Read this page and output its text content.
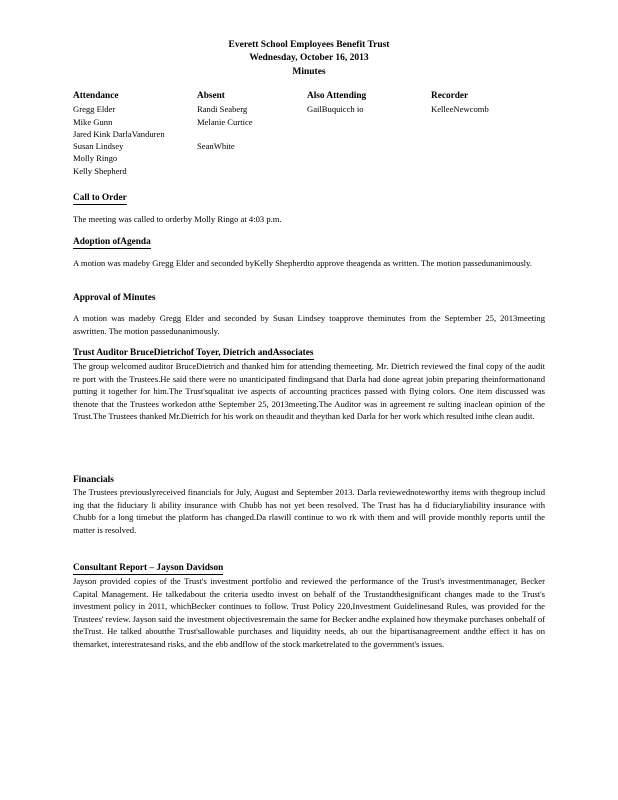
Everett School Employees Benefit Trust
Wednesday, October 16, 2013
Minutes
Attendance
Gregg Elder
Mike Gunn
Jared Kink DarlaVanduren
Susan Lindsey
Molly Ringo
Kelly Shepherd
Absent
Randi Seaberg
Melanie Curtice

SeanWhite
Also Attending
GailBuquicch io
Recorder
KelleeNewcomb
Call to Order

The meeting was called to orderby Molly Ringo at 4:03 p.m.

Adoption ofAgenda

A motion was madeby Gregg Elder and seconded byKelly Shepherdto approve theagenda as written. The motion passedunanimously.

Approval of Minutes

A motion was madeby Gregg Elder and seconded by Susan Lindsey toapprove theminutes from the September 25, 2013meeting aswritten. The motion passedunanimously.

Trust Auditor BruceDietrichof Toyer, Dietrich andAssociates

The group welcomed auditor BruceDietrich and thanked him for attending themeeting. Mr. Dietrich reviewed the final copy of the audit re port with the Trustees.He said there were no unanticipated findingsand that Darla had done agreat jobin preparing theinformationand putting it together for him.The Trust'squalitat ive aspects of accounting practices passed with flying colors. One item discussed was thenote that the Trustees workedon atthe September 25, 2013meeting.The Auditor was in agreement re sulting inaclean opinion of the Trust.The Trustees thanked Mr.Dietrich for his work on theaudit and theythan ked Darla for her work which resulted inthe clean audit.

Financials

The Trustees previouslyreceived financials for July, August and September 2013. Darla reviewednoteworthy items with thegroup includ ing that the fiduciary li ability insurance with Chubb has not yet been resolved. The Trust has ha d fiduciaryliability insurance with Chubb for a long timebut the platform has changed.Da rlawill continue to wo rk with them and will provide monthly reports until the matter is resolved.

Consultant Report – Jayson Davidson

Jayson provided copies of the Trust's investment portfolio and reviewed the performance of the Trust's investmentmanager, Becker Capital Management. He talkedabout the criteria usedto invest on behalf of the Trustandthesignificant changes made to the Trust's investment policy in 2011, whichBecker continues to follow. Trust Policy 220,Investment Guidelinesand Rules, was provided for the Trustees' review. Jayson said the investment objectivesremain the same for Becker andhe explained how theymake purchases onbehalf of theTrust. He talked aboutthe Trust'sallowable purchases and liquidity needs, ab out the bipartisanagreement andthe effect it has on themarket, interestratesand risks, and the ebb andflow of the stock marketrelated to the government's issues.
